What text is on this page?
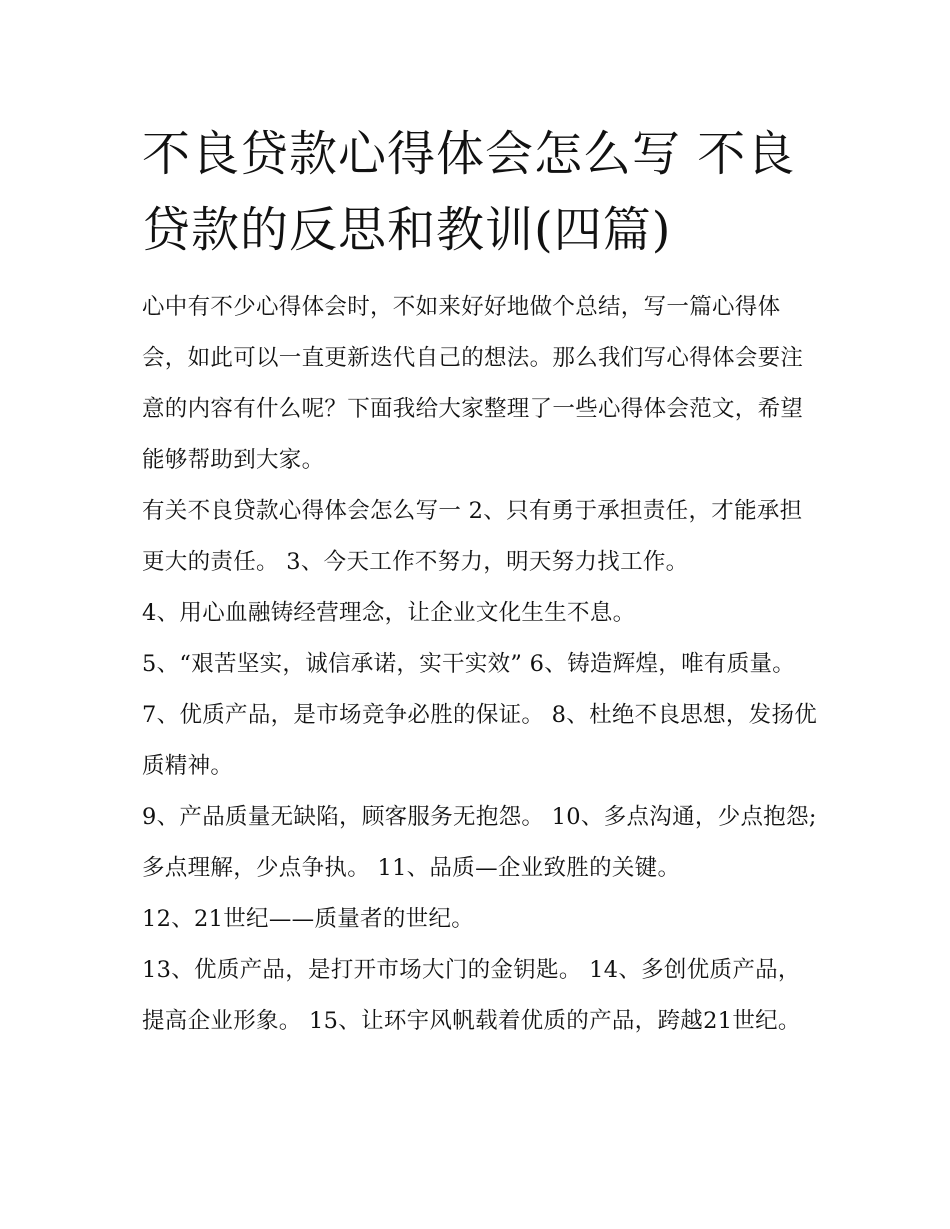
不良贷款心得体会怎么写 不良贷款的反思和教训(四篇)

心中有不少心得体会时，不如来好好地做个总结，写一篇心得体会，如此可以一直更新迭代自己的想法。那么我们写心得体会要注意的内容有什么呢？下面我给大家整理了一些心得体会范文，希望能够帮助到大家。

有关不良贷款心得体会怎么写一 2、只有勇于承担责任，才能承担更大的责任。 3、今天工作不努力，明天努力找工作。

4、用心血融铸经营理念，让企业文化生生不息。

5、“艰苦坚实，诚信承诺，实干实效” 6、铸造辉煌，唯有质量。 7、优质产品，是市场竞争必胜的保证。 8、杜绝不良思想，发扬优质精神。

9、产品质量无缺陷，顾客服务无抱怨。 10、多点沟通，少点抱怨;多点理解，少点争执。 11、品质—企业致胜的关键。

12、21世纪——质量者的世纪。

13、优质产品，是打开市场大门的金钥匙。 14、多创优质产品，提高企业形象。 15、让环宇风帆载着优质的产品，跨越21世纪。
